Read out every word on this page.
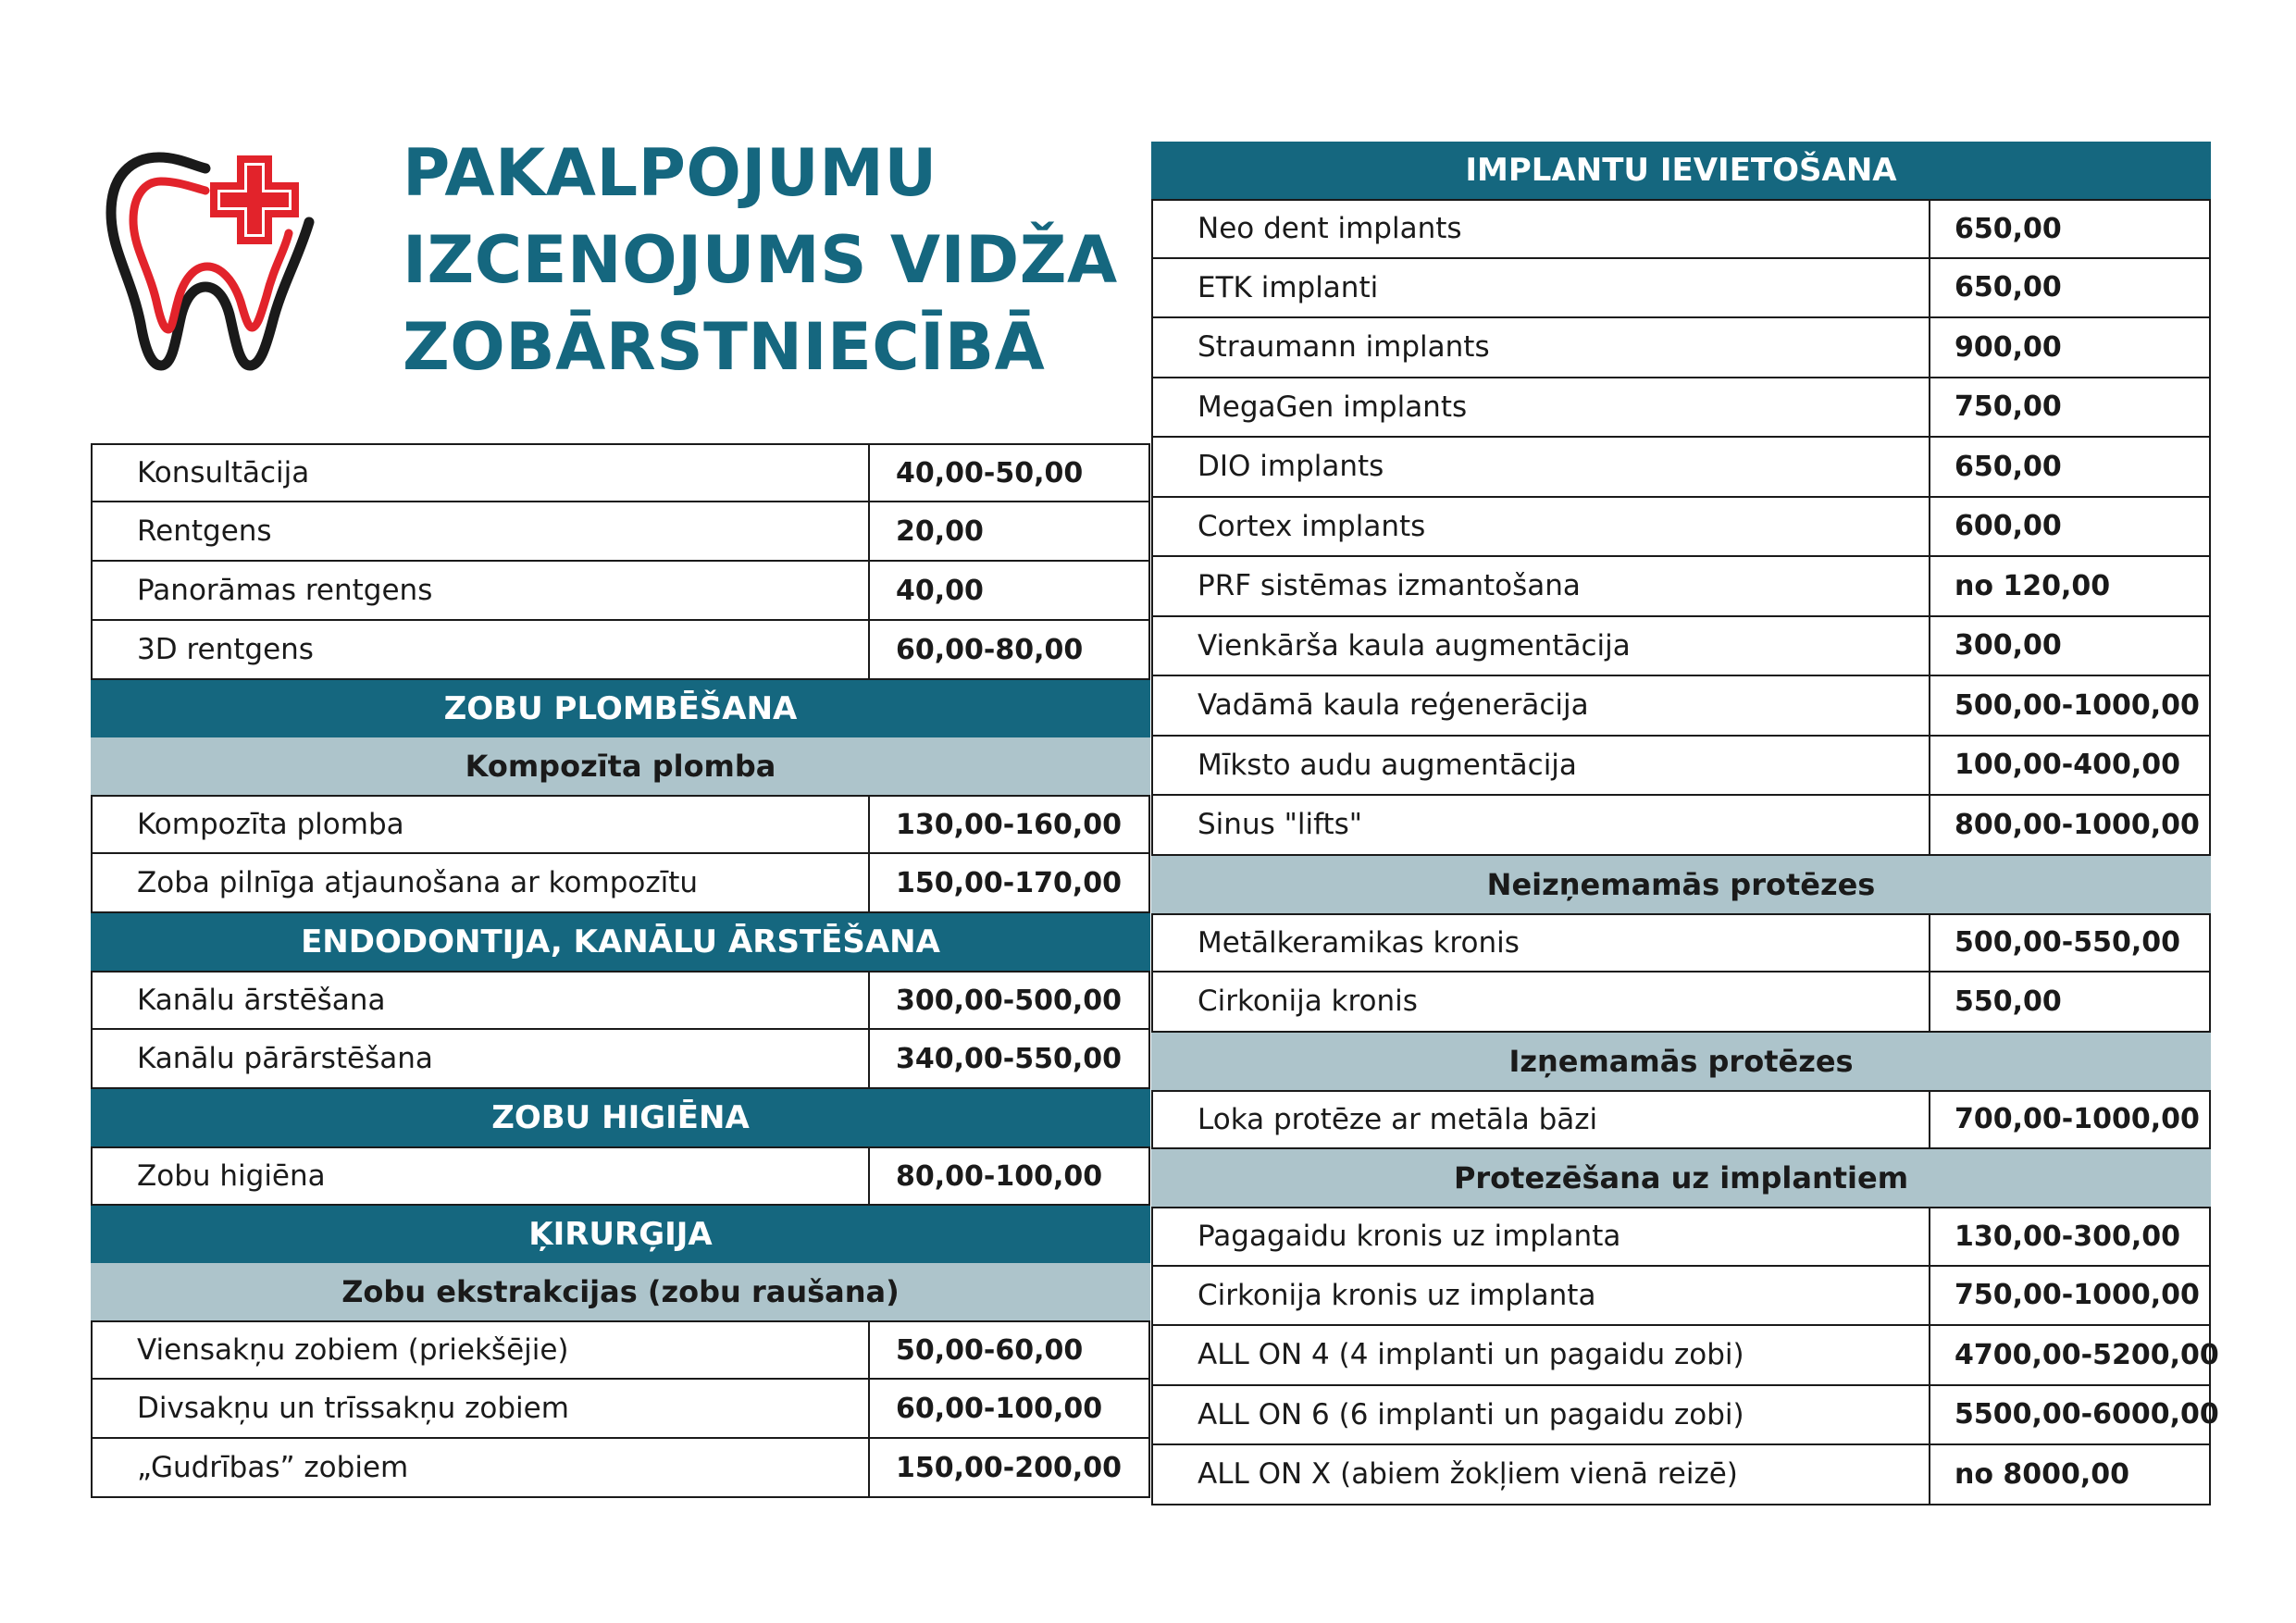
PAKALPOJUMU
IZCENOJUMS VIDŽA
ZOBĀRSTNIECĪBĀ
Konsultācija	40,00-50,00
Rentgens	20,00
Panorāmas rentgens	40,00
3D rentgens	60,00-80,00
ZOBU PLOMBĒŠANA
Kompozīta plomba
Kompozīta plomba	130,00-160,00
Zoba pilnīga atjaunošana ar kompozītu	150,00-170,00
ENDODONTIJA, KANĀLU ĀRSTĒŠANA
Kanālu ārstēšana	300,00-500,00
Kanālu pārārstēšana	340,00-550,00
ZOBU HIGIĒNA
Zobu higiēna	80,00-100,00
ĶIRURĢIJA
Zobu ekstrakcijas (zobu raušana)
Viensakņu zobiem (priekšējie)	50,00-60,00
Divsakņu un trīssakņu zobiem	60,00-100,00
„Gudrības” zobiem	150,00-200,00
IMPLANTU IEVIETOŠANA
Neo dent implants	650,00
ETK implanti	650,00
Straumann implants	900,00
MegaGen implants	750,00
DIO implants	650,00
Cortex implants	600,00
PRF sistēmas izmantošana	no 120,00
Vienkārša kaula augmentācija	300,00
Vadāmā kaula reģenerācija	500,00-1000,00
Mīksto audu augmentācija	100,00-400,00
Sinus "lifts"	800,00-1000,00
Neizņemamās protēzes
Metālkeramikas kronis	500,00-550,00
Cirkonija kronis	550,00
Izņemamās protēzes
Loka protēze ar metāla bāzi	700,00-1000,00
Protezēšana uz implantiem
Pagagaidu kronis uz implanta	130,00-300,00
Cirkonija kronis uz implanta	750,00-1000,00
ALL ON 4 (4 implanti un pagaidu zobi)	4700,00-5200,00
ALL ON 6 (6 implanti un pagaidu zobi)	5500,00-6000,00
ALL ON X (abiem žokļiem vienā reizē)	no 8000,00
